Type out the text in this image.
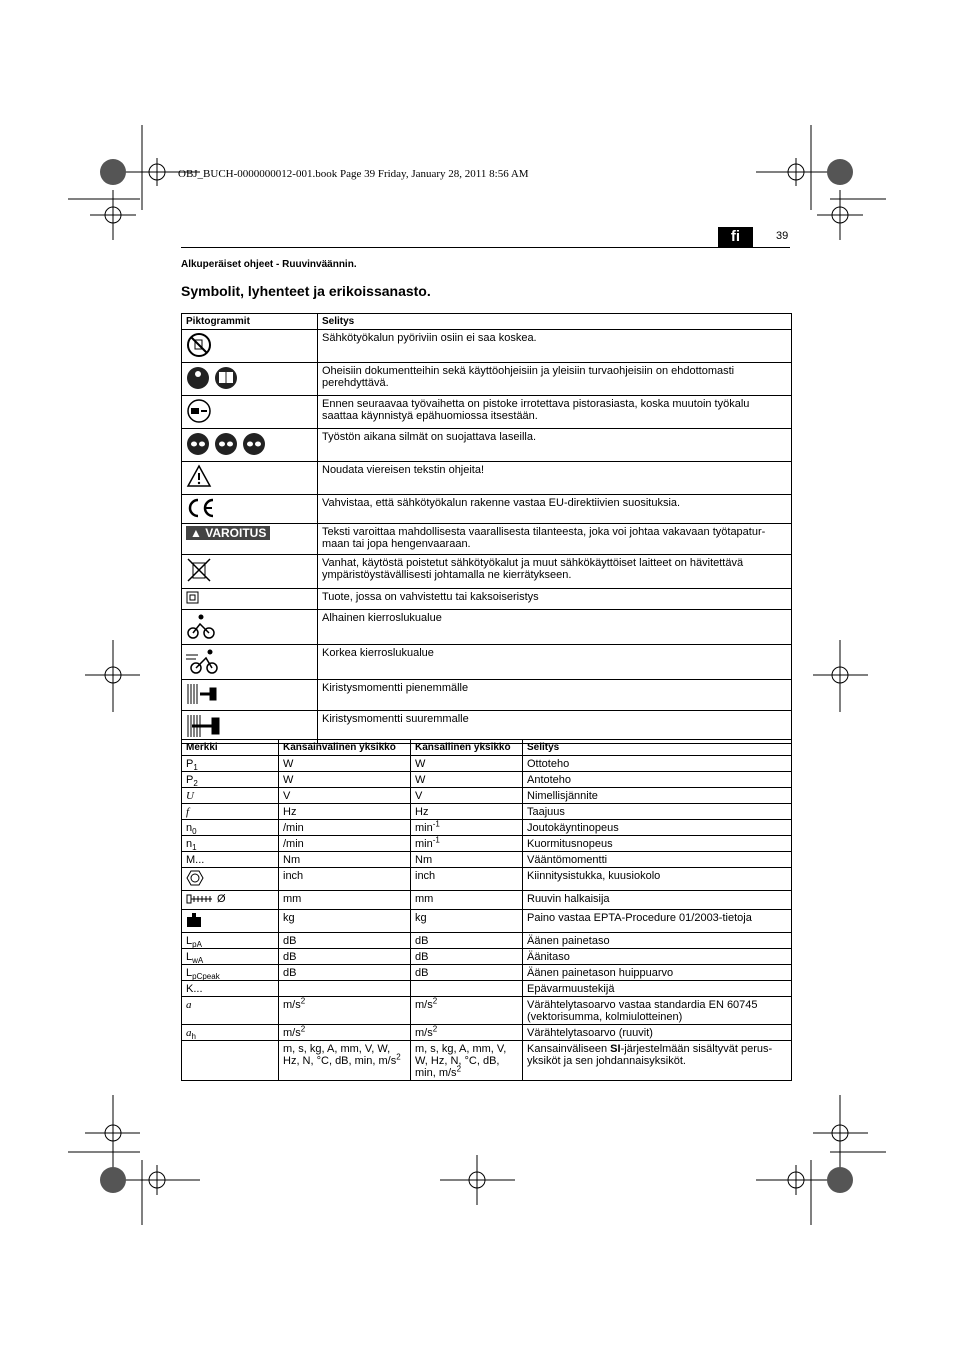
OBJ_BUCH-0000000012-001.book Page 39 Friday, January 28, 2011 8:56 AM
fi	39
Alkuperäiset ohjeet - Ruuvinväännin.
Symbolit, lyhenteet ja erikoissanasto.
Piktogrammit	Selitys
	Sähkötyökalun pyöriviin osiin ei saa koskea.
	Oheisiin dokumentteihin sekä käyttöohjeisiin ja yleisiin turvaohjeisiin on ehdottomasti perehdyttävä.
	Ennen seuraavaa työvaihetta on pistoke irrotettava pistorasiasta, koska muutoin työkalu saattaa käynnistyä epähuomiossa itsestään.
	Työstön aikana silmät on suojattava laseilla.
	Noudata viereisen tekstin ohjeita!
	Vahvistaa, että sähkötyökalun rakenne vastaa EU-direktiivien suosituksia.
▲ VAROITUS	Teksti varoittaa mahdollisesta vaarallisesta tilanteesta, joka voi johtaa vakavaan työtapatur-maan tai jopa hengenvaaraan.
	Vanhat, käytöstä poistetut sähkötyökalut ja muut sähkökäyttöiset laitteet on hävitettävä ympäristöystävällisesti johtamalla ne kierrätykseen.
	Tuote, jossa on vahvistettu tai kaksoiseristys
	Alhainen kierroslukualue
	Korkea kierroslukualue
	Kiristysmomentti pienemmälle
	Kiristysmomentti suuremmalle
Merkki	Kansainvälinen yksikkö	Kansallinen yksikkö	Selitys
$P_1$	W	W	Ottoteho
$P_2$	W	W	Antoteho
U	V	V	Nimellisjännite
f	Hz	Hz	Taajuus
$n_0$	/min	$\min^{-1}$	Joutokäyntinopeus
$n_1$	/min	$\min^{-1}$	Kuormitusnopeus
M...	Nm	Nm	Vääntömomentti
	inch	inch	Kiinnitysistukka, kuusiokolo
Ø	mm	mm	Ruuvin halkaisija
	kg	kg	Paino vastaa EPTA-Procedure 01/2003-tietoja
$L_{pA}$	dB	dB	Äänen painetaso
$L_{wA}$	dB	dB	Äänitaso
$L_{pCpeak}$	dB	dB	Äänen painetason huippuarvo
K...			Epävarmuustekijä
a	$m/s^2$	$m/s^2$	Värähtelytasoarvo vastaa standardia EN 60745 (vektorisumma, kolmiulotteinen)
$a_h$	$m/s^2$	$m/s^2$	Värähtelytasoarvo (ruuvit)
	m, s, kg, A, mm, V, W, Hz, N, °C, dB, min, $m/s^2$	m, s, kg, A, mm, V, W, Hz, N, °C, dB, min, $m/s^2$	Kansainväliseen SI-järjestelmään sisältyvät perus-yksiköt ja sen johdannaisyksiköt.
